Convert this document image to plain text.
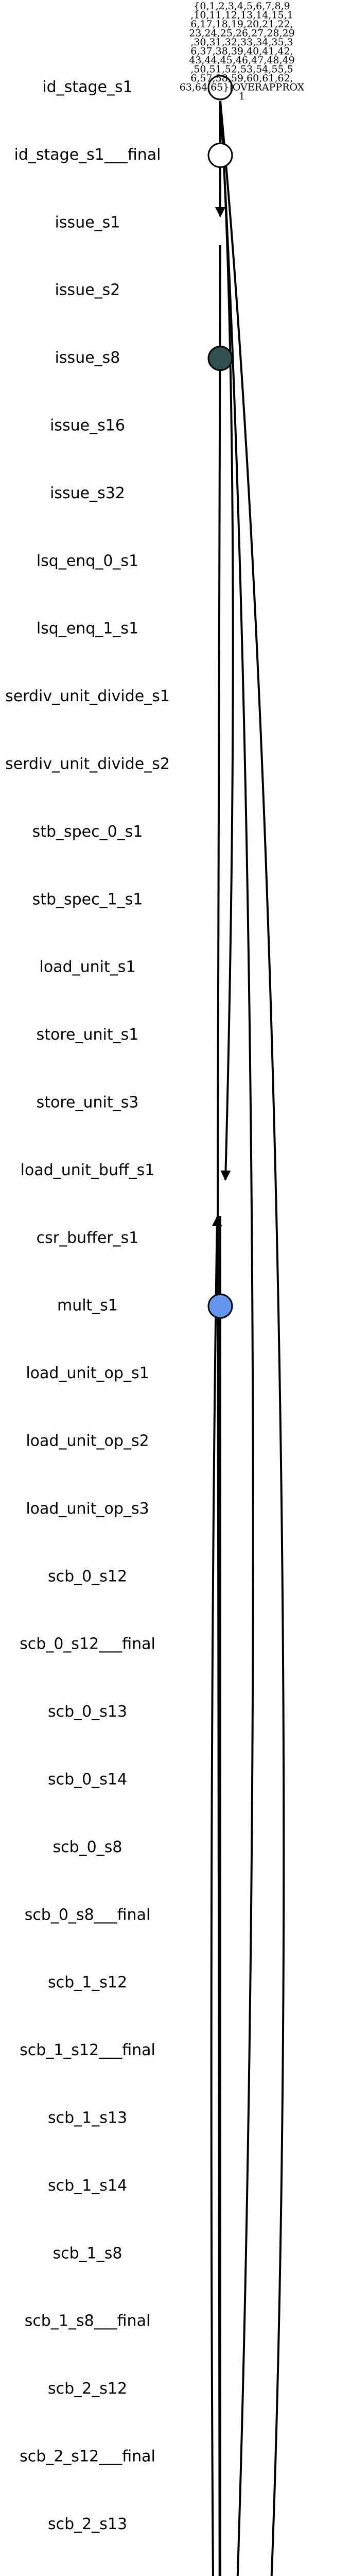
id_stage_s1
id_stage_s1___final
issue_s1
issue_s2
issue_s8
issue_s16
issue_s32
lsq_enq_0_s1
lsq_enq_1_s1
serdiv_unit_divide_s1
serdiv_unit_divide_s2
stb_spec_0_s1
stb_spec_1_s1
load_unit_s1
store_unit_s1
store_unit_s3
load_unit_buff_s1
csr_buffer_s1
mult_s1
load_unit_op_s1
load_unit_op_s2
load_unit_op_s3
scb_0_s12
scb_0_s12___final
scb_0_s13
scb_0_s14
scb_0_s8
scb_0_s8___final
scb_1_s12
scb_1_s12___final
scb_1_s13
scb_1_s14
scb_1_s8
scb_1_s8___final
scb_2_s12
scb_2_s12___final
scb_2_s13
{0,1,2,3,4,5,6,7,8,9 ,10,11,12,13,14,15,1 6,17,18,19,20,21,22, 23,24,25,26,27,28,29 ,30,31,32,33,34,35,3 6,37,38,39,40,41,42, 43,44,45,46,47,48,49 ,50,51,52,53,54,55,5 6,57,58,59,60,61,62, 63,64,65}|OVERAPPROX 1
